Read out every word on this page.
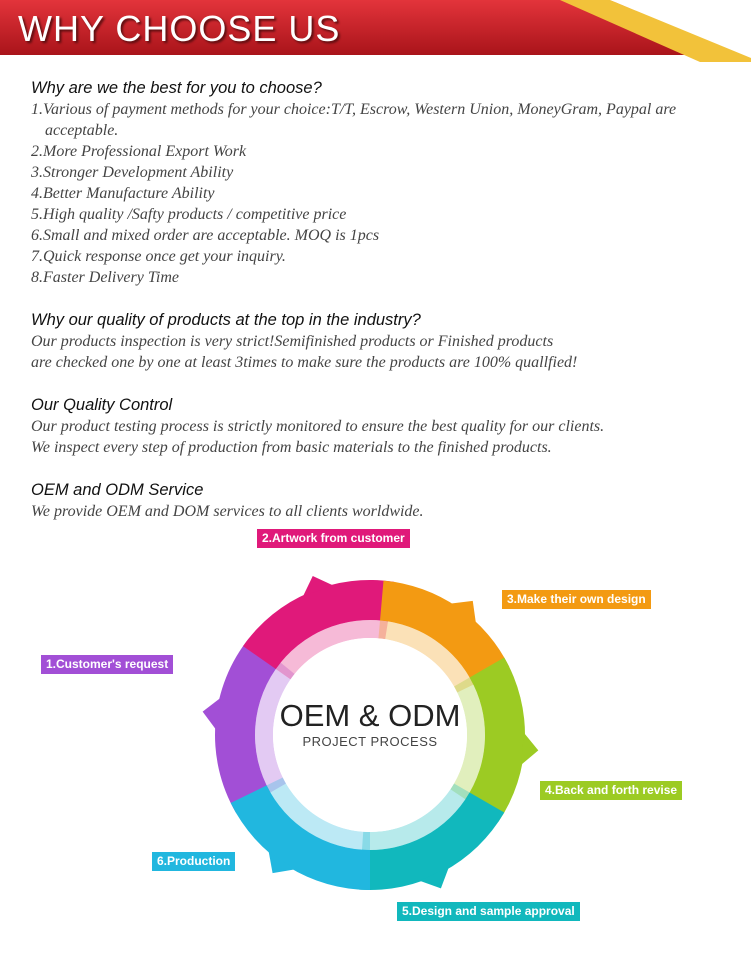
WHY CHOOSE US

Why are we the best for you to choose?

1.Various of payment methods for your choice:T/T, Escrow, Western Union, MoneyGram, Paypal are

acceptable.

2.More Professional Export Work

3.Stronger Development Ability

4.Better Manufacture Ability

5.High quality /Safty products / competitive price

6.Small and mixed order are acceptable. MOQ is 1pcs

7.Quick response once get your inquiry.

8.Faster Delivery Time

Why our quality of products at the top in the industry?

Our products inspection is very strict!Semifinished products or Finished products

are checked one by one at least 3times to make sure the products are 100% quallfied!

Our Quality Control

Our product testing process is strictly monitored to ensure the best quality for our clients.

We inspect every step of production from basic materials to the finished products.

OEM and ODM Service

We provide OEM and DOM services to all clients worldwide.

OEM & ODM
PROJECT PROCESS
1.Customer's request
2.Artwork from customer
3.Make their own design
4.Back and forth revise
5.Design and sample approval
6.Production
